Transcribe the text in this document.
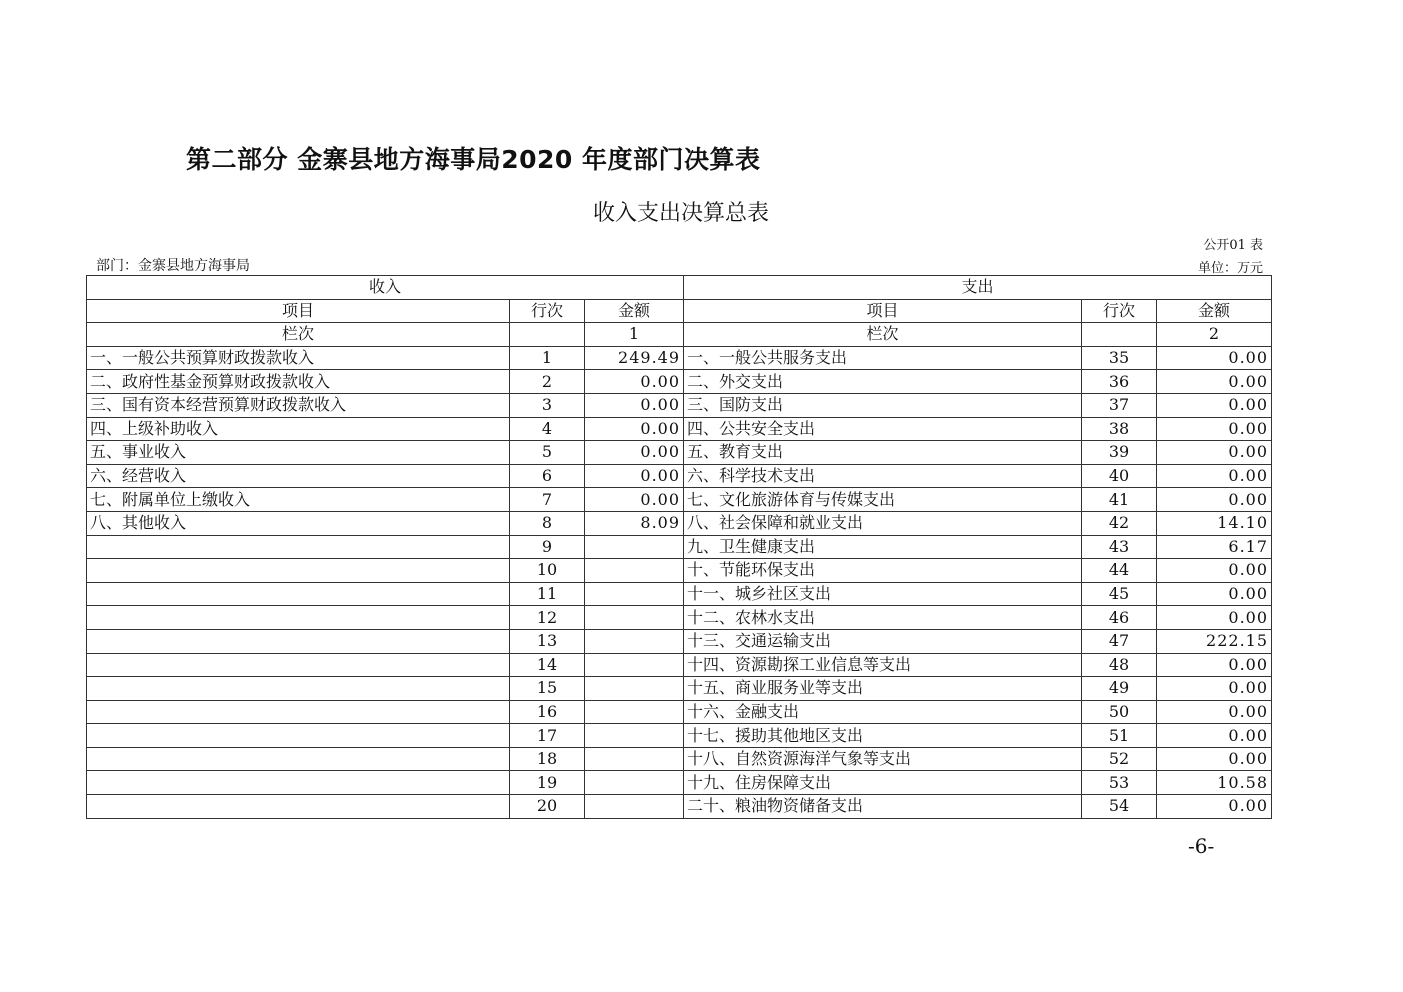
第二部分 金寨县地方海事局2020 年度部门决算表
收入支出决算总表
公开01 表
部门：金寨县地方海事局	单位：万元
收入			支出		
项目	行次	金额	项目	行次	金额
栏次		1	栏次		2
一、一般公共预算财政拨款收入	1	249.49	一、一般公共服务支出	35	0.00
二、政府性基金预算财政拨款收入	2	0.00	二、外交支出	36	0.00
三、国有资本经营预算财政拨款收入	3	0.00	三、国防支出	37	0.00
四、上级补助收入	4	0.00	四、公共安全支出	38	0.00
五、事业收入	5	0.00	五、教育支出	39	0.00
六、经营收入	6	0.00	六、科学技术支出	40	0.00
七、附属单位上缴收入	7	0.00	七、文化旅游体育与传媒支出	41	0.00
八、其他收入	8	8.09	八、社会保障和就业支出	42	14.10
	9		九、卫生健康支出	43	6.17
	10		十、节能环保支出	44	0.00
	11		十一、城乡社区支出	45	0.00
	12		十二、农林水支出	46	0.00
	13		十三、交通运输支出	47	222.15
	14		十四、资源勘探工业信息等支出	48	0.00
	15		十五、商业服务业等支出	49	0.00
	16		十六、金融支出	50	0.00
	17		十七、援助其他地区支出	51	0.00
	18		十八、自然资源海洋气象等支出	52	0.00
	19		十九、住房保障支出	53	10.58
	20		二十、粮油物资储备支出	54	0.00
-6-
